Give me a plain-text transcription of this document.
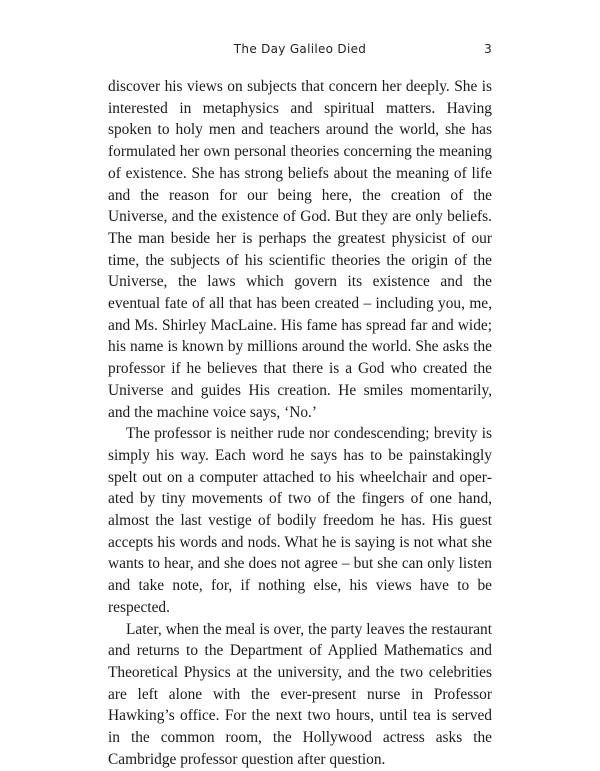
The Day Galileo Died	3

discover his views on subjects that concern her deeply. She is interested in metaphysics and spiritual matters. Having spoken to holy men and teachers around the world, she has formulated her own personal theories concerning the meaning of existence. She has strong beliefs about the meaning of life and the reason for our being here, the creation of the Universe, and the existence of God. But they are only beliefs. The man beside her is perhaps the greatest physicist of our time, the subjects of his scientific theories the origin of the Universe, the laws which govern its existence and the eventual fate of all that has been created – including you, me, and Ms. Shirley MacLaine. His fame has spread far and wide; his name is known by millions around the world. She asks the professor if he believes that there is a God who created the Universe and guides His creation. He smiles momentarily, and the machine voice says, ‘No.’

The professor is neither rude nor condescending; brevity is simply his way. Each word he says has to be painstakingly spelt out on a computer attached to his wheelchair and operated by tiny movements of two of the fingers of one hand, almost the last vestige of bodily freedom he has. His guest accepts his words and nods. What he is saying is not what she wants to hear, and she does not agree – but she can only listen and take note, for, if nothing else, his views have to be respected.

Later, when the meal is over, the party leaves the restaurant and returns to the Department of Applied Mathematics and Theoretical Physics at the university, and the two celebrities are left alone with the ever-present nurse in Professor Hawking’s office. For the next two hours, until tea is served in the common room, the Hollywood actress asks the Cambridge professor question after question.
